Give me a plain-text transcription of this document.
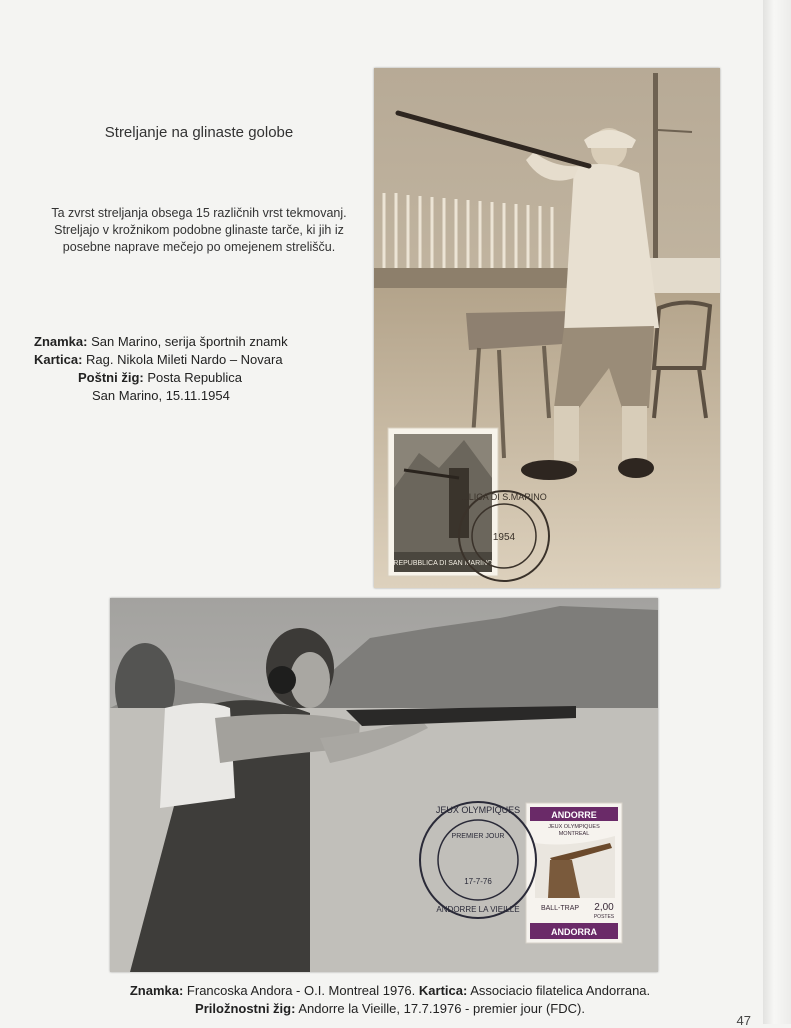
Streljanje na glinaste golobe
Ta zvrst streljanja obsega 15 različnih vrst tekmovanj. Streljajo v krožnikom podobne glinaste tarče, ki jih iz posebne naprave mečejo po omejenem strelišču.
Znamka: San Marino, serija športnih znamk
Kartica: Rag. Nikola Mileti Nardo – Novara
Poštni žig: Posta Republica
San Marino, 15.11.1954
REPUBBLICA DI SAN MARINO
...LICA DI S.MARINO
1954
ANDORRE
JEUX OLYMPIQUES
MONTREAL
BALL-TRAP 2,00
POSTES
ANDORRA
JEUX OLYMPIQUES
PREMIER JOUR
17-7-76
ANDORRE LA VIEILLE
Znamka: Francoska Andora - O.I. Montreal 1976. Kartica: Associacio filatelica Andorrana.
Priložnostni žig: Andorre la Vieille, 17.7.1976 - premier jour (FDC).
47
